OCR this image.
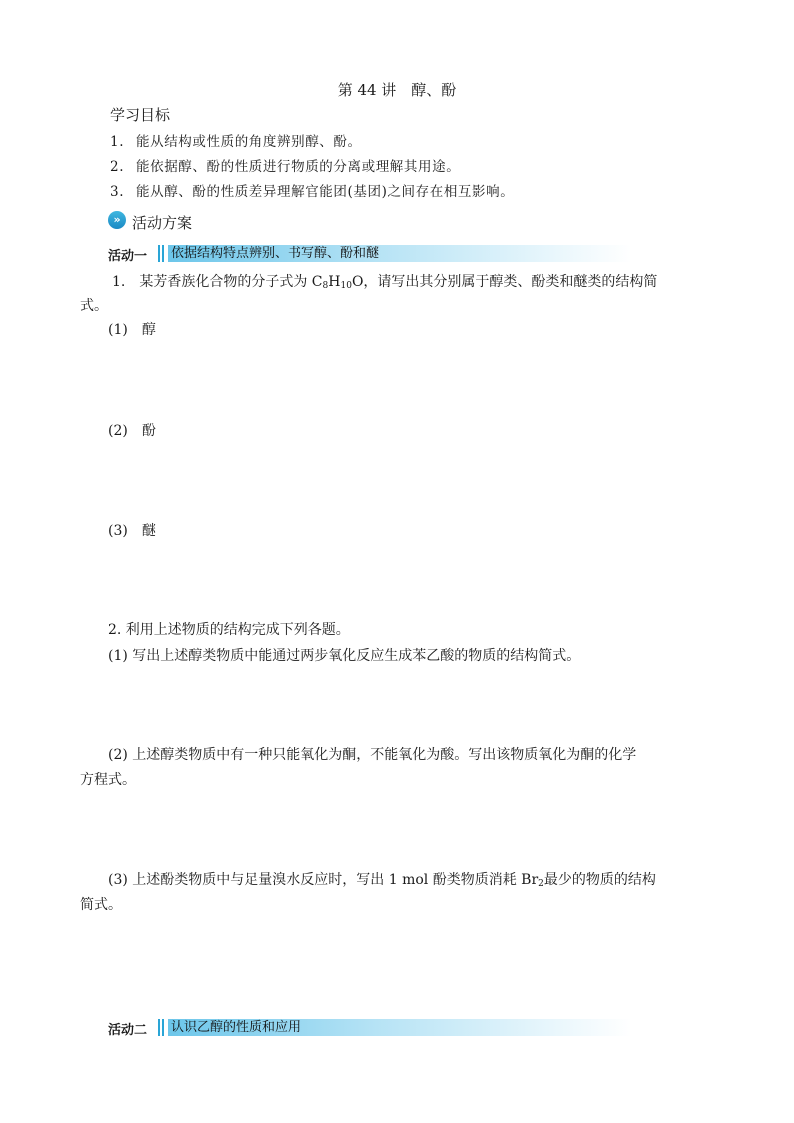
第 44 讲　醇、酚
学习目标
1. 能从结构或性质的角度辨别醇、酚。
2. 能依据醇、酚的性质进行物质的分离或理解其用途。
3. 能从醇、酚的性质差异理解官能团(基团)之间存在相互影响。
» 活动方案
活动一 依据结构特点辨别、书写醇、酚和醚
1.　某芳香族化合物的分子式为 $C_8H_{10}O$，请写出其分别属于醇类、酚类和醚类的结构简
式。
(1)　醇
(2)　酚
(3)　醚
2. 利用上述物质的结构完成下列各题。
(1) 写出上述醇类物质中能通过两步氧化反应生成苯乙酸的物质的结构简式。
(2) 上述醇类物质中有一种只能氧化为酮，不能氧化为酸。写出该物质氧化为酮的化学
方程式。
(3) 上述酚类物质中与足量溴水反应时，写出 1 mol 酚类物质消耗 $Br_2$最少的物质的结构
简式。
活动二 认识乙醇的性质和应用
